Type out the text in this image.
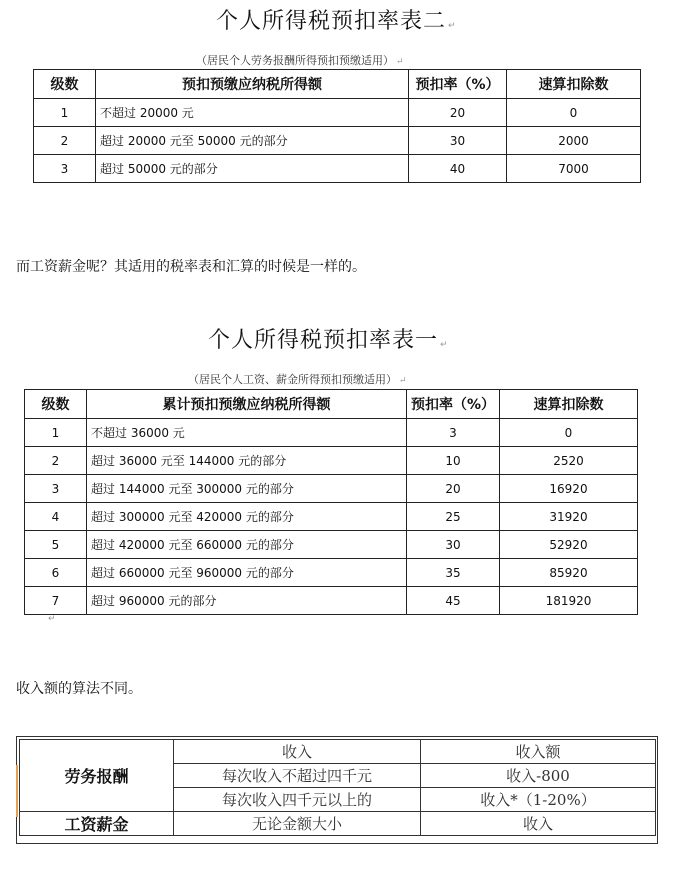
个人所得税预扣率表二 ↵
（居民个人劳务报酬所得预扣预缴适用） ↵
级数	预扣预缴应纳税所得额	预扣率（%）	速算扣除数
1	不超过 20000 元	20	0
2	超过 20000 元至 50000 元的部分	30	2000
3	超过 50000 元的部分	40	7000
而工资薪金呢？其适用的税率表和汇算的时候是一样的。
个人所得税预扣率表一 ↵
（居民个人工资、薪金所得预扣预缴适用） ↵
级数	累计预扣预缴应纳税所得额	预扣率（%）	速算扣除数
1	不超过 36000 元	3	0
2	超过 36000 元至 144000 元的部分	10	2520
3	超过 144000 元至 300000 元的部分	20	16920
4	超过 300000 元至 420000 元的部分	25	31920
5	超过 420000 元至 660000 元的部分	30	52920
6	超过 660000 元至 960000 元的部分	35	85920
7	超过 960000 元的部分	45	181920
↵
收入额的算法不同。
劳务报酬	收入	收入额
	每次收入不超过四千元	收入-800
	每次收入四千元以上的	收入*（1-20%）
工资薪金	无论金额大小	收入
